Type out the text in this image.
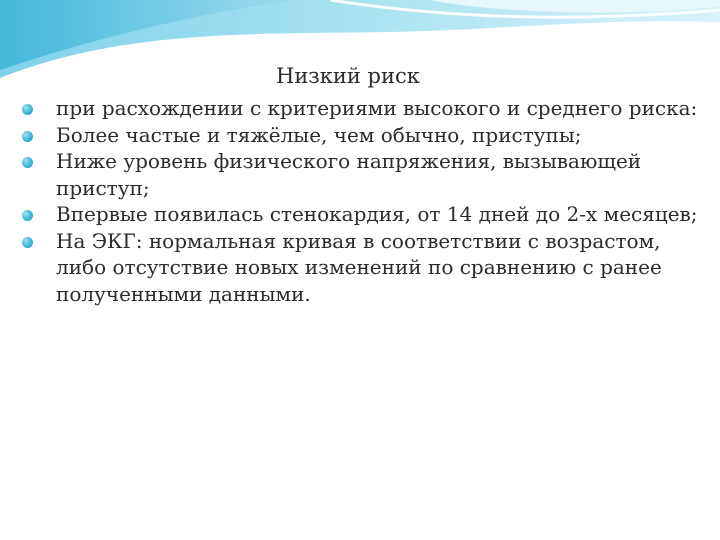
Низкий риск
при расхождении с критериями высокого и среднего риска:
Более частые и тяжёлые, чем обычно, приступы;
Ниже уровень физического напряжения, вызывающей приступ;
Впервые появилась стенокардия, от 14 дней до 2-х месяцев;
На ЭКГ: нормальная кривая в соответствии с возрастом, либо отсутствие новых изменений по сравнению с ранее полученными данными.
